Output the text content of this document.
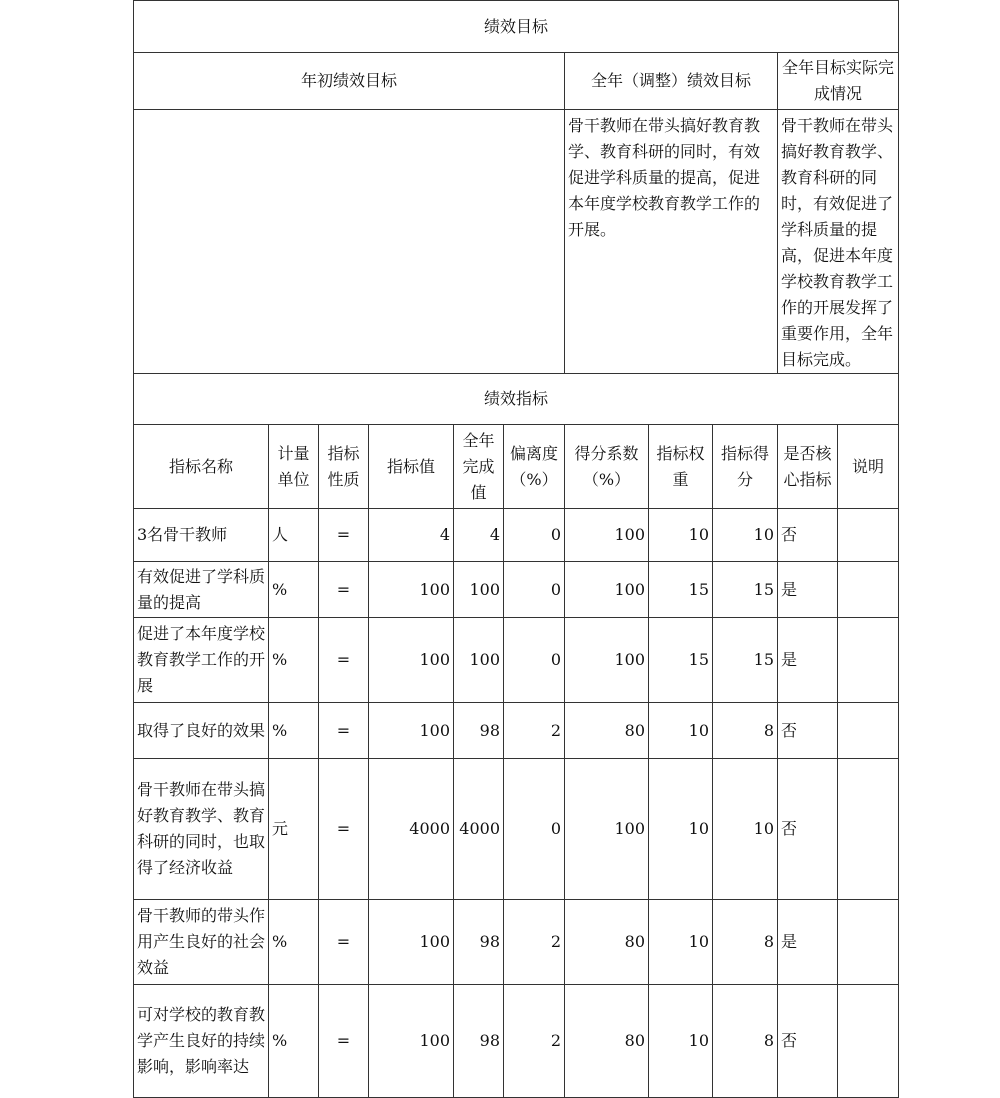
绩效目标										
年初绩效目标						全年（调整）绩效目标			全年目标实际完成情况	
						骨干教师在带头搞好教育教学、教育科研的同时，有效促进学科质量的提高，促进本年度学校教育教学工作的开展。			骨干教师在带头搞好教育教学、教育科研的同时，有效促进了学科质量的提高，促进本年度学校教育教学工作的开展发挥了重要作用，全年目标完成。	
绩效指标										
指标名称	计量单位	指标性质	指标值	全年完成值	偏离度（%）	得分系数（%）	指标权重	指标得分	是否核心指标	说明
3名骨干教师	人	=	4	4	0	100	10	10	否	
有效促进了学科质量的提高	%	=	100	100	0	100	15	15	是	
促进了本年度学校教育教学工作的开展	%	=	100	100	0	100	15	15	是	
取得了良好的效果	%	=	100	98	2	80	10	8	否	
骨干教师在带头搞好教育教学、教育科研的同时，也取得了经济收益	元	=	4000	4000	0	100	10	10	否	
骨干教师的带头作用产生良好的社会效益	%	=	100	98	2	80	10	8	是	
可对学校的教育教学产生良好的持续影响，影响率达	%	=	100	98	2	80	10	8	否	
